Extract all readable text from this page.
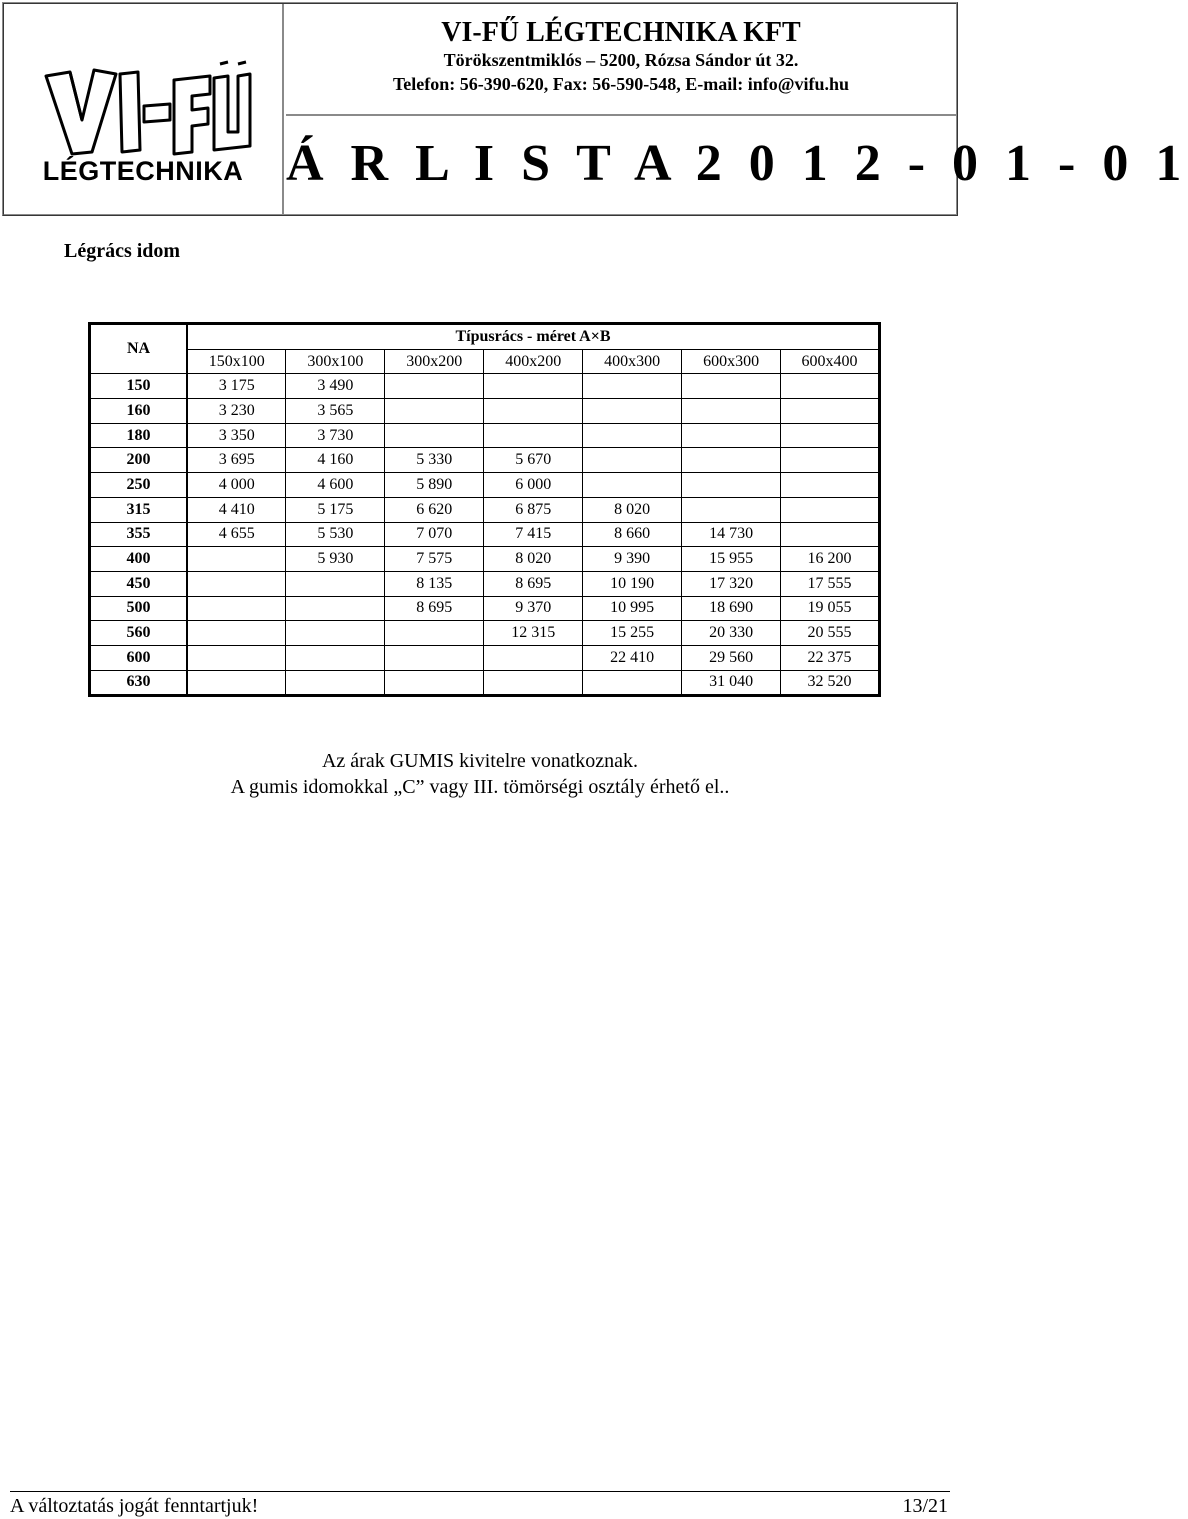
LÉGTECHNIKA
VI-FŰ LÉGTECHNIKA KFT
Törökszentmiklós – 5200, Rózsa Sándor út 32.
Telefon: 56-390-620, Fax: 56-590-548, E-mail: info@vifu.hu
Á R L I S T A 2 0 1 2 - 0 1 - 0 1
Légrács idom
NA	Típusrács - méret A×B						
	150x100	300x100	300x200	400x200	400x300	600x300	600x400
150	3 175	3 490					
160	3 230	3 565					
180	3 350	3 730					
200	3 695	4 160	5 330	5 670			
250	4 000	4 600	5 890	6 000			
315	4 410	5 175	6 620	6 875	8 020		
355	4 655	5 530	7 070	7 415	8 660	14 730	
400		5 930	7 575	8 020	9 390	15 955	16 200
450			8 135	8 695	10 190	17 320	17 555
500			8 695	9 370	10 995	18 690	19 055
560				12 315	15 255	20 330	20 555
600					22 410	29 560	22 375
630						31 040	32 520
Az árak GUMIS kivitelre vonatkoznak.
A gumis idomokkal „C” vagy III. tömörségi osztály érhető el..
A változtatás jogát fenntartjuk!	13/21
